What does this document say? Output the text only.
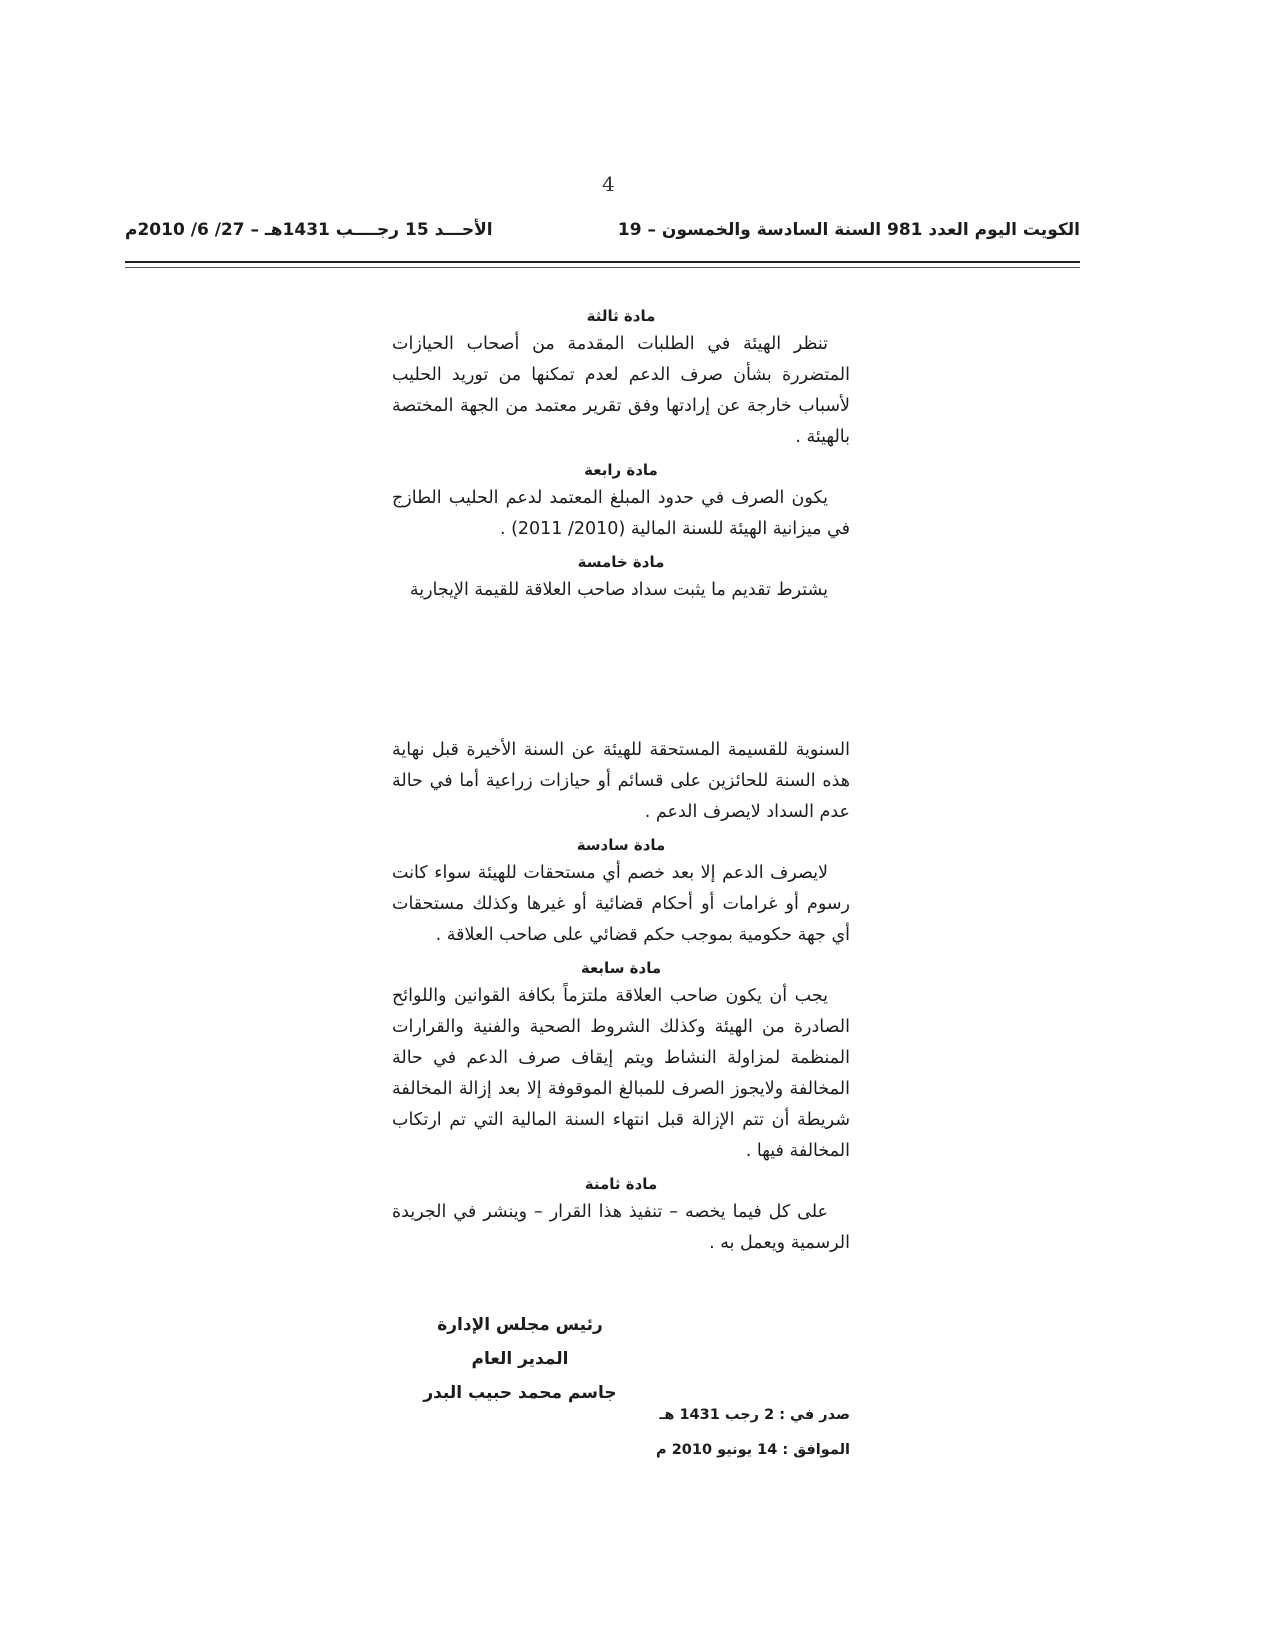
4
الأحـــد 15 رجــــب 1431هـ – 27/ 6/ 2010م	الكويت اليوم العدد 981 السنة السادسة والخمسون – 19
مادة ثالثة

تنظر الهيئة في الطلبات المقدمة من أصحاب الحيازات المتضررة بشأن صرف الدعم لعدم تمكنها من توريد الحليب لأسباب خارجة عن إرادتها وفق تقرير معتمد من الجهة المختصة بالهيئة .

مادة رابعة

يكون الصرف في حدود المبلغ المعتمد لدعم الحليب الطازج في ميزانية الهيئة للسنة المالية (2010/ 2011) .

مادة خامسة

يشترط تقديم ما يثبت سداد صاحب العلاقة للقيمة الإيجارية

السنوية للقسيمة المستحقة للهيئة عن السنة الأخيرة قبل نهاية هذه السنة للحائزين على قسائم أو حيازات زراعية أما في حالة عدم السداد لايصرف الدعم .

مادة سادسة

لايصرف الدعم إلا بعد خصم أي مستحقات للهيئة سواء كانت رسوم أو غرامات أو أحكام قضائية أو غيرها وكذلك مستحقات أي جهة حكومية بموجب حكم قضائي على صاحب العلاقة .

مادة سابعة

يجب أن يكون صاحب العلاقة ملتزماً بكافة القوانين واللوائح الصادرة من الهيئة وكذلك الشروط الصحية والفنية والقرارات المنظمة لمزاولة النشاط ويتم إيقاف صرف الدعم في حالة المخالفة ولايجوز الصرف للمبالغ الموقوفة إلا بعد إزالة المخالفة شريطة أن تتم الإزالة قبل انتهاء السنة المالية التي تم ارتكاب المخالفة فيها .

مادة ثامنة

على كل فيما يخصه – تنفيذ هذا القرار – وينشر في الجريدة الرسمية ويعمل به .

رئيس مجلس الإدارة
المدير العام
جاسم محمد حبيب البدر
صدر في : 2 رجب 1431 هـ
الموافق : 14 يونيو 2010 م
